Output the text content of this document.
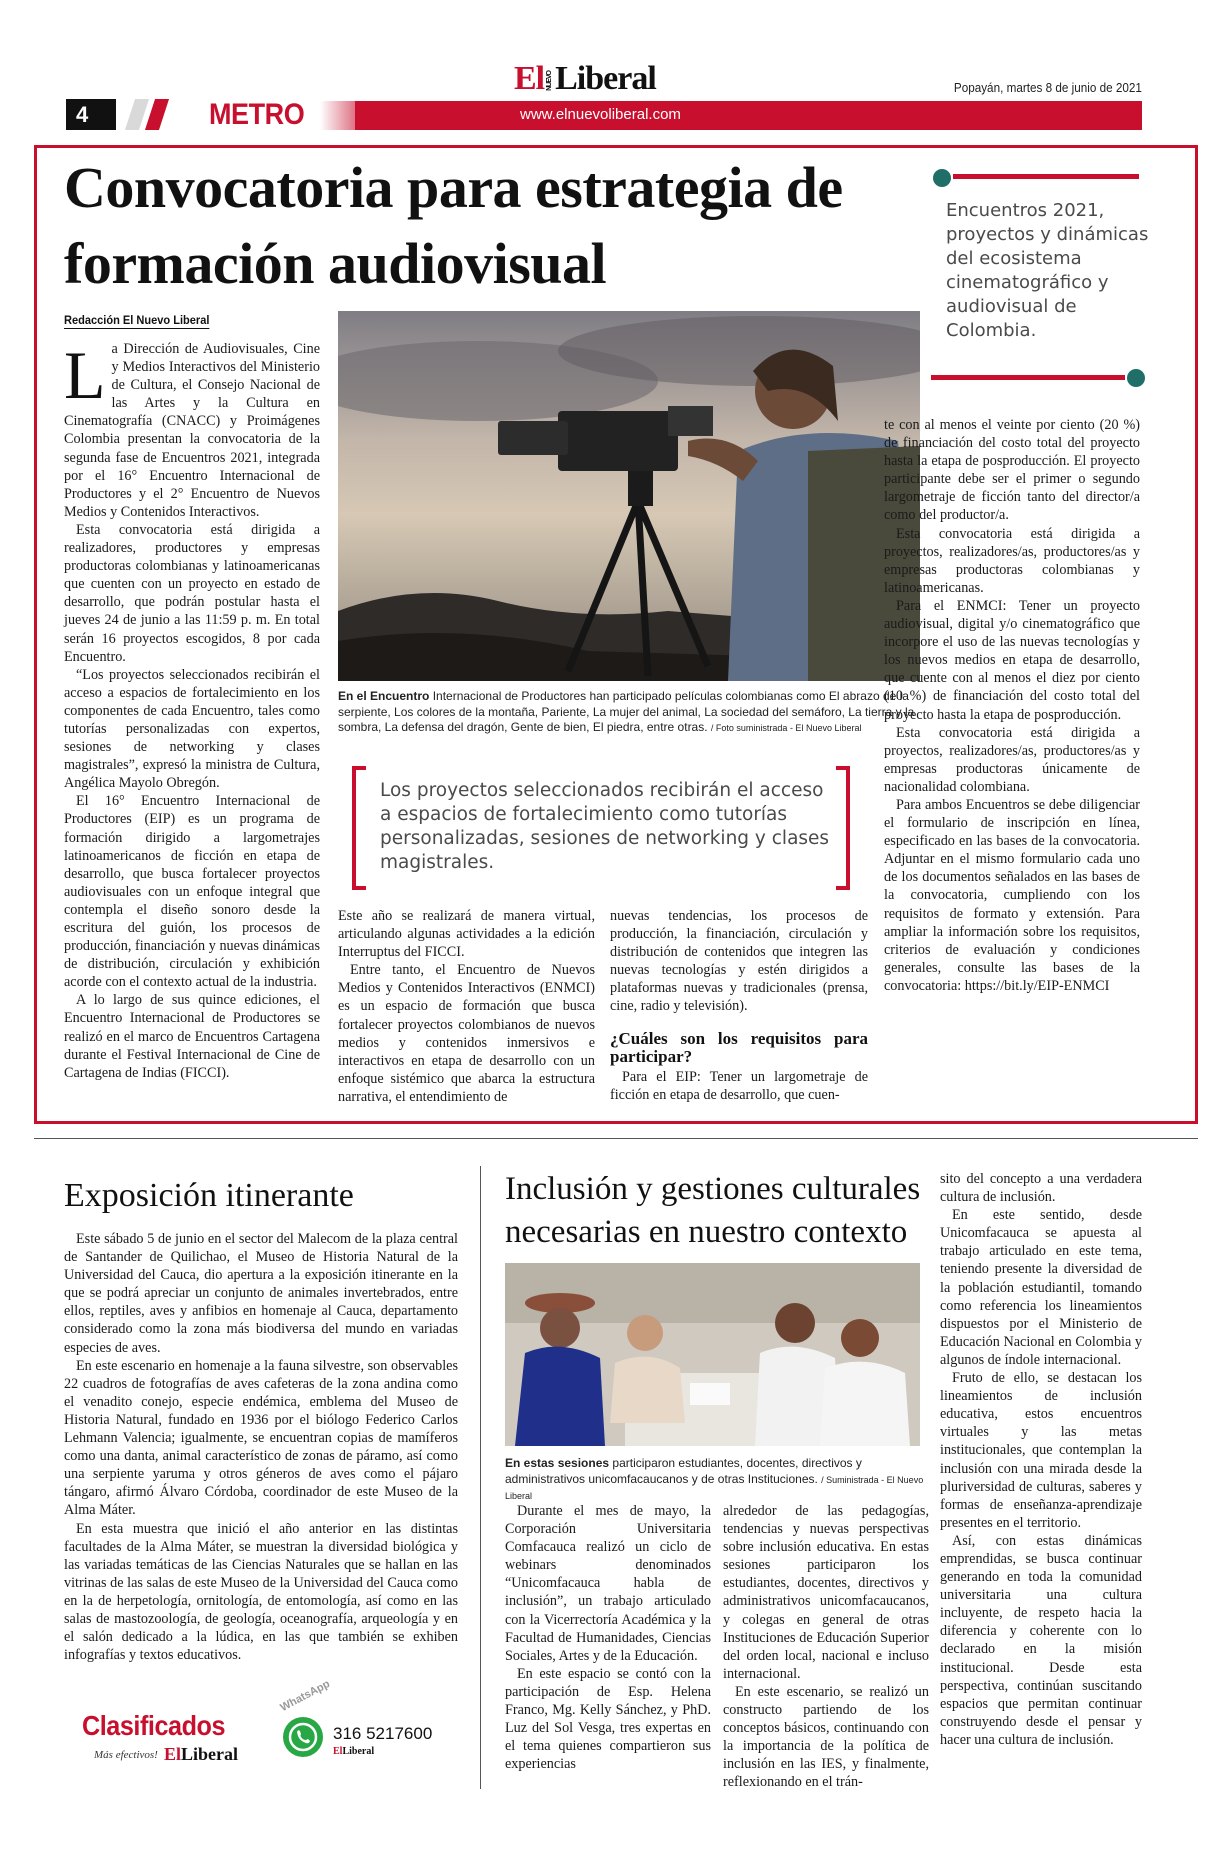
4	METRO
El NUEVOLiberal	Popayán, martes 8 de junio de 2021
www.elnuevoliberal.com
Convocatoria para estrategia de formación audiovisual
Redacción El Nuevo Liberal
Encuentros 2021, proyectos y dinámicas del ecosistema cinematográfico y audiovisual de Colombia.

La Dirección de Audiovisuales, Cine y Medios Interactivos del Ministerio de Cultura, el Consejo Nacional de las Artes y la Cultura en Cinematografía (CNACC) y Proimágenes Colombia presentan la convocatoria de la segunda fase de Encuentros 2021, integrada por el 16° Encuentro Internacional de Productores y el 2° Encuentro de Nuevos Medios y Contenidos Interactivos.

Esta convocatoria está dirigida a realizadores, productores y empresas productoras colombianas y latinoamericanas que cuenten con un proyecto en estado de desarrollo, que podrán postular hasta el jueves 24 de junio a las 11:59 p. m. En total serán 16 proyectos escogidos, 8 por cada Encuentro.

“Los proyectos seleccionados recibirán el acceso a espacios de fortalecimiento en los componentes de cada Encuentro, tales como tutorías personalizadas con expertos, sesiones de networking y clases magistrales”, expresó la ministra de Cultura, Angélica Mayolo Obregón.

El 16° Encuentro Internacional de Productores (EIP) es un programa de formación dirigido a largometrajes latinoamericanos de ficción en etapa de desarrollo, que busca fortalecer proyectos audiovisuales con un enfoque integral que contempla el diseño sonoro desde la escritura del guión, los procesos de producción, financiación y nuevas dinámicas de distribución, circulación y exhibición acorde con el contexto actual de la industria.

A lo largo de sus quince ediciones, el Encuentro Internacional de Productores se realizó en el marco de Encuentros Cartagena durante el Festival Internacional de Cine de Cartagena de Indias (FICCI).

En el Encuentro Internacional de Productores han participado películas colombianas como El abrazo de la serpiente, Los colores de la montaña, Pariente, La mujer del animal, La sociedad del semáforo, La tierra y la sombra, La defensa del dragón, Gente de bien, El piedra, entre otras. / Foto suministrada - El Nuevo Liberal
Los proyectos seleccionados recibirán el acceso a espacios de fortalecimiento como tutorías personalizadas, sesiones de networking y clases magistrales.

Este año se realizará de manera virtual, articulando algunas actividades a la edición Interruptus del FICCI.

Entre tanto, el Encuentro de Nuevos Medios y Contenidos Interactivos (ENMCI) es un espacio de formación que busca fortalecer proyectos colombianos de nuevos medios y contenidos inmersivos e interactivos en etapa de desarrollo con un enfoque sistémico que abarca la estructura narrativa, el entendimiento de

nuevas tendencias, los procesos de producción, la financiación, circulación y distribución de contenidos que integren las nuevas tecnologías y estén dirigidos a plataformas nuevas y tradicionales (prensa, cine, radio y televisión).

¿Cuáles son los requisitos para participar?

Para el EIP: Tener un largometraje de ficción en etapa de desarrollo, que cuen-

te con al menos el veinte por ciento (20 %) de financiación del costo total del proyecto hasta la etapa de posproducción. El proyecto participante debe ser el primer o segundo largometraje de ficción tanto del director/a como del productor/a.

Esta convocatoria está dirigida a proyectos, realizadores/as, productores/as y empresas productoras colombianas y latinoamericanas.

Para el ENMCI: Tener un proyecto audiovisual, digital y/o cinematográfico que incorpore el uso de las nuevas tecnologías y los nuevos medios en etapa de desarrollo, que cuente con al menos el diez por ciento (10 %) de financiación del costo total del proyecto hasta la etapa de posproducción.

Esta convocatoria está dirigida a proyectos, realizadores/as, productores/as y empresas productoras únicamente de nacionalidad colombiana.

Para ambos Encuentros se debe diligenciar el formulario de inscripción en línea, especificado en las bases de la convocatoria. Adjuntar en el mismo formulario cada uno de los documentos señalados en las bases de la convocatoria, cumpliendo con los requisitos de formato y extensión. Para ampliar la información sobre los requisitos, criterios de evaluación y condiciones generales, consulte las bases de la convocatoria: https://bit.ly/EIP-ENMCI

Exposición itinerante

Este sábado 5 de junio en el sector del Malecom de la plaza central de Santander de Quilichao, el Museo de Historia Natural de la Universidad del Cauca, dio apertura a la exposición itinerante en la que se podrá apreciar un conjunto de animales invertebrados, entre ellos, reptiles, aves y anfibios en homenaje al Cauca, departamento considerado como la zona más biodiversa del mundo en variadas especies de aves.

En este escenario en homenaje a la fauna silvestre, son observables 22 cuadros de fotografías de aves cafeteras de la zona andina como el venadito conejo, especie endémica, emblema del Museo de Historia Natural, fundado en 1936 por el biólogo Federico Carlos Lehmann Valencia; igualmente, se encuentran copias de mamíferos como una danta, animal característico de zonas de páramo, así como una serpiente yaruma y otros géneros de aves como el pájaro tángaro, afirmó Álvaro Córdoba, coordinador de este Museo de la Alma Máter.

En esta muestra que inició el año anterior en las distintas facultades de la Alma Máter, se muestran la diversidad biológica y las variadas temáticas de las Ciencias Naturales que se hallan en las vitrinas de las salas de este Museo de la Universidad del Cauca como en la de herpetología, ornitología, de entomología, así como en las salas de mastozoología, de geología, oceanografía, arqueología y en el salón dedicado a la lúdica, en las que también se exhiben infografías y textos educativos.

Clasificados
Más efectivos! ElLiberal
WhatsApp
316 5217600
ElLiberal
Inclusión y gestiones culturales necesarias en nuestro contexto
En estas sesiones participaron estudiantes, docentes, directivos y administrativos unicomfacaucanos y de otras Instituciones. / Suministrada - El Nuevo Liberal

Durante el mes de mayo, la Corporación Universitaria Comfacauca realizó un ciclo de webinars denominados “Unicomfacauca habla de inclusión”, un trabajo articulado con la Vicerrectoría Académica y la Facultad de Humanidades, Ciencias Sociales, Artes y de la Educación.

En este espacio se contó con la participación de Esp. Helena Franco, Mg. Kelly Sánchez, y PhD. Luz del Sol Vesga, tres expertas en el tema quienes compartieron sus experiencias

alrededor de las pedagogías, tendencias y nuevas perspectivas sobre inclusión educativa. En estas sesiones participaron los estudiantes, docentes, directivos y administrativos unicomfacaucanos, y colegas en general de otras Instituciones de Educación Superior del orden local, nacional e incluso internacional.

En este escenario, se realizó un constructo partiendo de los conceptos básicos, continuando con la importancia de la política de inclusión en las IES, y finalmente, reflexionando en el trán-

sito del concepto a una verdadera cultura de inclusión.

En este sentido, desde Unicomfacauca se apuesta al trabajo articulado en este tema, teniendo presente la diversidad de la población estudiantil, tomando como referencia los lineamientos dispuestos por el Ministerio de Educación Nacional en Colombia y algunos de índole internacional.

Fruto de ello, se destacan los lineamientos de inclusión educativa, estos encuentros virtuales y las metas institucionales, que contemplan la inclusión con una mirada desde la pluriversidad de culturas, saberes y formas de enseñanza-aprendizaje presentes en el territorio.

Así, con estas dinámicas emprendidas, se busca continuar generando en toda la comunidad universitaria una cultura incluyente, de respeto hacia la diferencia y coherente con lo declarado en la misión institucional. Desde esta perspectiva, continúan suscitando espacios que permitan continuar construyendo desde el pensar y hacer una cultura de inclusión.
